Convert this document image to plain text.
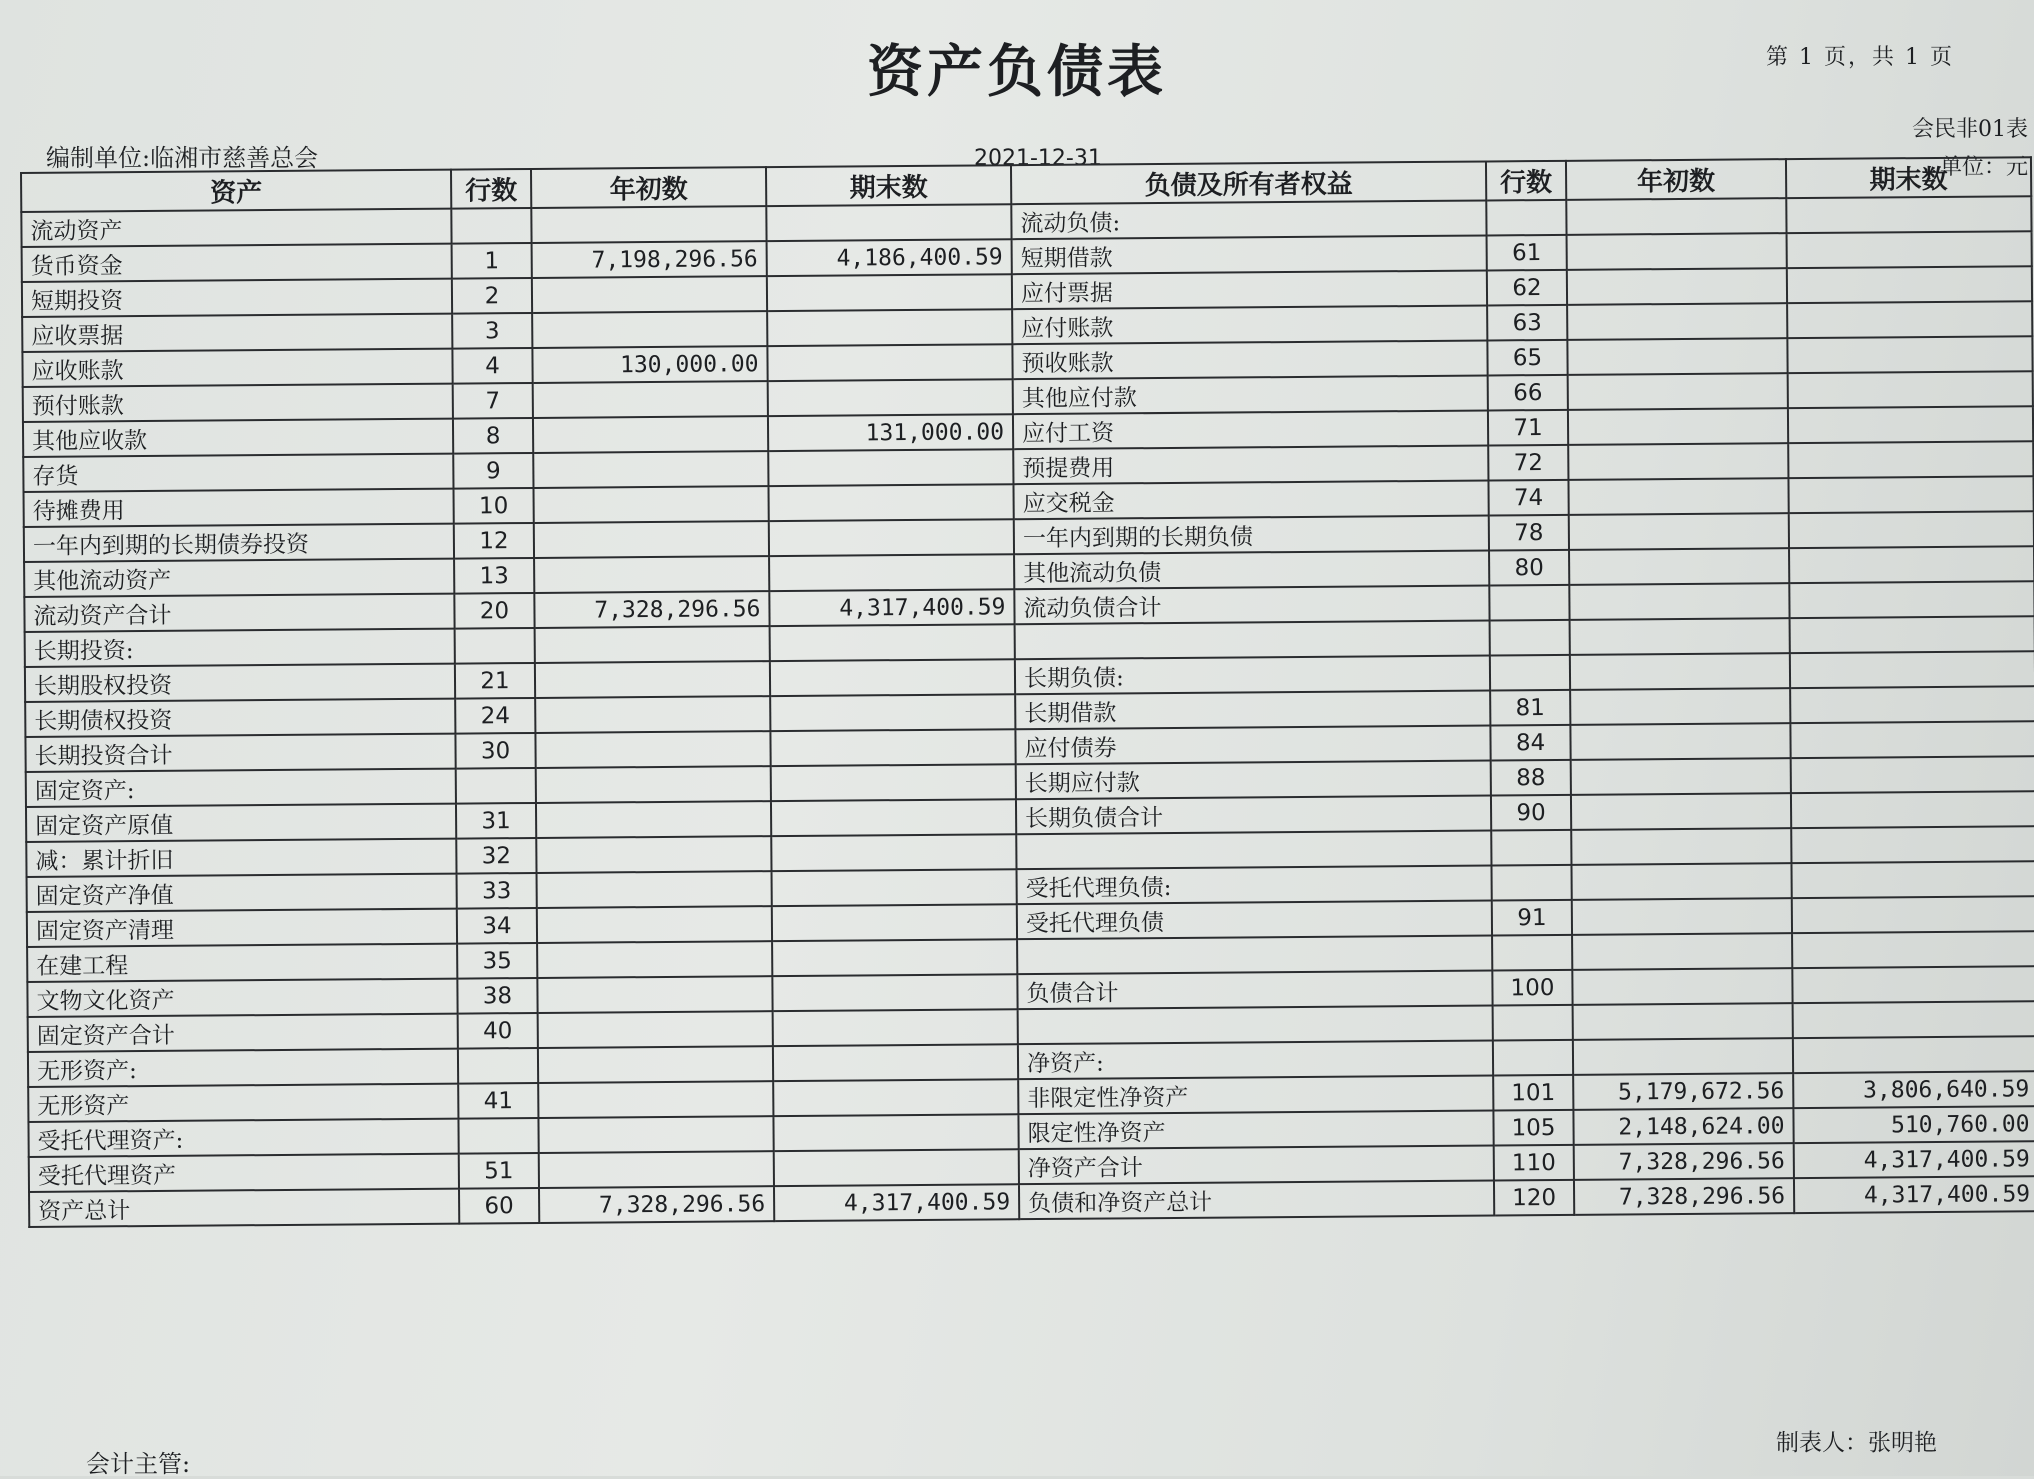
资产负债表	第 1 页，共 1 页
会民非01表
单位：元
编制单位:临湘市慈善总会	2021-12-31
资产	行数	年初数	期末数	负债及所有者权益	行数	年初数	期末数
流动资产				流动负债:			
货币资金	1	7,198,296.56	4,186,400.59	短期借款	61		
短期投资	2			应付票据	62		
应收票据	3			应付账款	63		
应收账款	4	130,000.00		预收账款	65		
预付账款	7			其他应付款	66		
其他应收款	8		131,000.00	应付工资	71		
存货	9			预提费用	72		
待摊费用	10			应交税金	74		
一年内到期的长期债券投资	12			一年内到期的长期负债	78		
其他流动资产	13			其他流动负债	80		
流动资产合计	20	7,328,296.56	4,317,400.59	流动负债合计			
长期投资:							
长期股权投资	21			长期负债:			
长期债权投资	24			长期借款	81		
长期投资合计	30			应付债券	84		
固定资产:				长期应付款	88		
固定资产原值	31			长期负债合计	90		
减：累计折旧	32						
固定资产净值	33			受托代理负债:			
固定资产清理	34			受托代理负债	91		
在建工程	35						
文物文化资产	38			负债合计	100		
固定资产合计	40						
无形资产:				净资产:			
无形资产	41			非限定性净资产	101	5,179,672.56	3,806,640.59
受托代理资产:				限定性净资产	105	2,148,624.00	510,760.00
受托代理资产	51			净资产合计	110	7,328,296.56	4,317,400.59
资产总计	60	7,328,296.56	4,317,400.59	负债和净资产总计	120	7,328,296.56	4,317,400.59
会计主管:
制表人：张明艳
